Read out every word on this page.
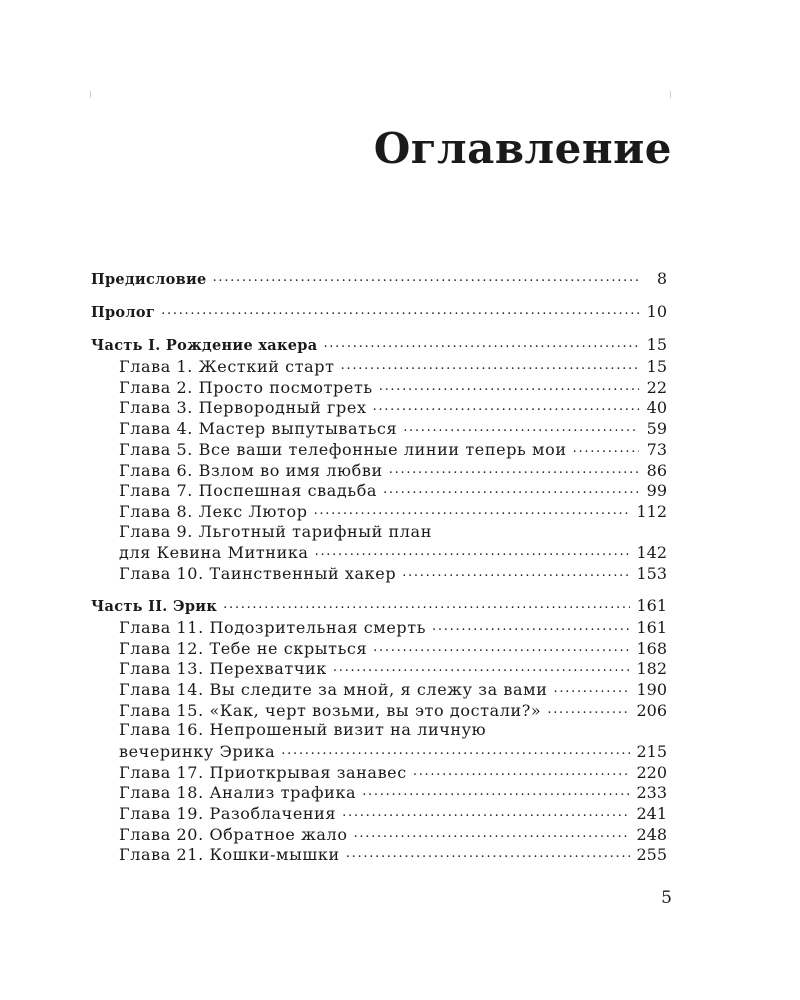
Оглавление
Предисловие . . .	8
Пролог . . .	10
Часть I. Рождение хакера . . .	15
Глава 1. Жесткий старт . . .	15
Глава 2. Просто посмотреть . . .	22
Глава 3. Первородный грех . . .	40
Глава 4. Мастер выпутываться . . .	59
Глава 5. Все ваши телефонные линии теперь мои . . .	73
Глава 6. Взлом во имя любви . . .	86
Глава 7. Поспешная свадьба . . .	99
Глава 8. Лекс Лютор . . .	112
Глава 9. Льготный тарифный план
для Кевина Митника . . .	142
Глава 10. Таинственный хакер . . .	153
Часть II. Эрик . . .	161
Глава 11. Подозрительная смерть . . .	161
Глава 12. Тебе не скрыться . . .	168
Глава 13. Перехватчик . . .	182
Глава 14. Вы следите за мной, я слежу за вами . . .	190
Глава 15. «Как, черт возьми, вы это достали?» . . .	206
Глава 16. Непрошеный визит на личную
вечеринку Эрика . . .	215
Глава 17. Приоткрывая занавес . . .	220
Глава 18. Анализ трафика . . .	233
Глава 19. Разоблачения . . .	241
Глава 20. Обратное жало . . .	248
Глава 21. Кошки-мышки . . .	255
5
